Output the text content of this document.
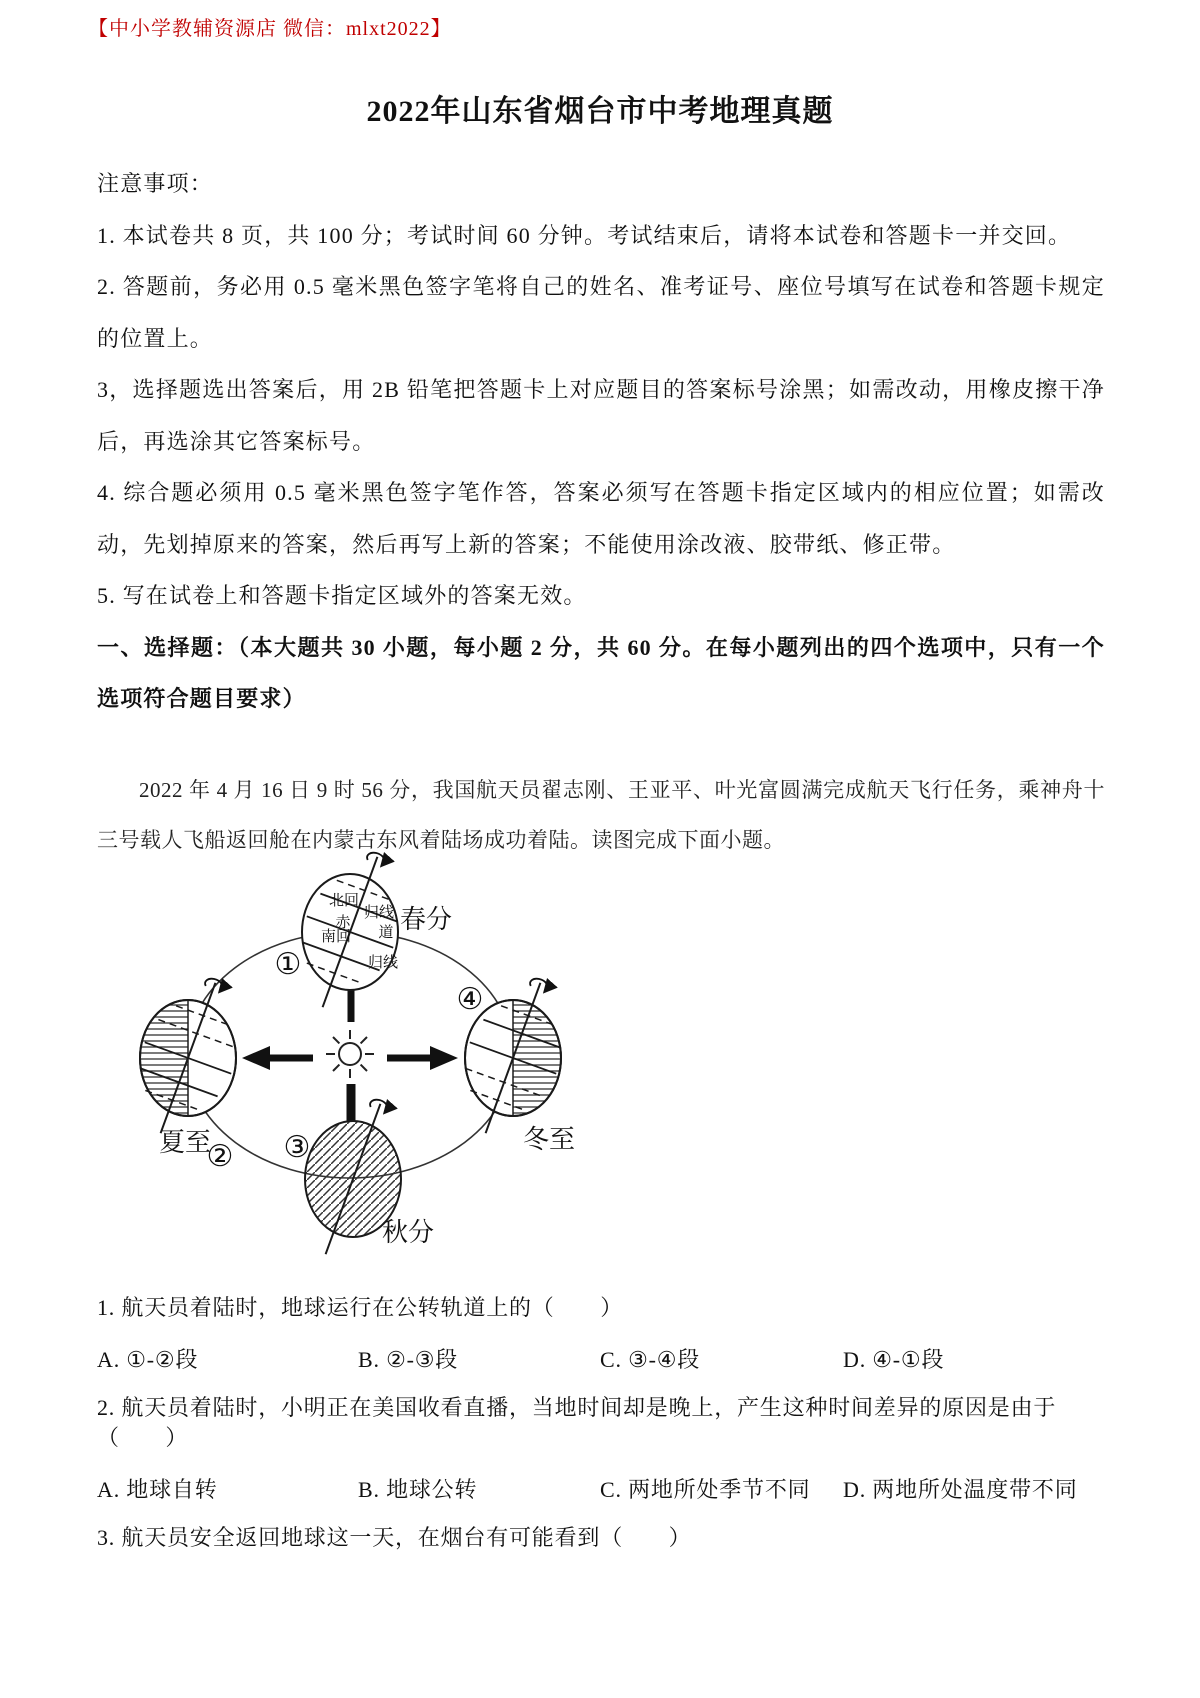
【中小学教辅资源店 微信：mlxt2022】
2022年山东省烟台市中考地理真题

注意事项：

1. 本试卷共 8 页，共 100 分；考试时间 60 分钟。考试结束后，请将本试卷和答题卡一并交回。

2. 答题前，务必用 0.5 毫米黑色签字笔将自己的姓名、准考证号、座位号填写在试卷和答题卡规定的位置上。

3，选择题选出答案后，用 2B 铅笔把答题卡上对应题目的答案标号涂黑；如需改动，用橡皮擦干净后，再选涂其它答案标号。

4. 综合题必须用 0.5 毫米黑色签字笔作答，答案必须写在答题卡指定区域内的相应位置；如需改动，先划掉原来的答案，然后再写上新的答案；不能使用涂改液、胶带纸、修正带。

5. 写在试卷上和答题卡指定区域外的答案无效。

一、选择题：（本大题共 30 小题，每小题 2 分，共 60 分。在每小题列出的四个选项中，只有一个选项符合题目要求）

2022 年 4 月 16 日 9 时 56 分，我国航天员翟志刚、王亚平、叶光富圆满完成航天飞行任务，乘神舟十三号载人飞船返回舱在内蒙古东风着陆场成功着陆。读图完成下面小题。

北回
归线
赤
道
南回
归线
春分
夏至	冬至
秋分
①
② ③
④

1. 航天员着陆时，地球运行在公转轨道上的（　　）

A. ①-②段	B. ②-③段	C. ③-④段	D. ④-①段

2. 航天员着陆时，小明正在美国收看直播，当地时间却是晚上，产生这种时间差异的原因是由于（　　）

A. 地球自转	B. 地球公转	C. 两地所处季节不同	D. 两地所处温度带不同

3. 航天员安全返回地球这一天，在烟台有可能看到（　　）
